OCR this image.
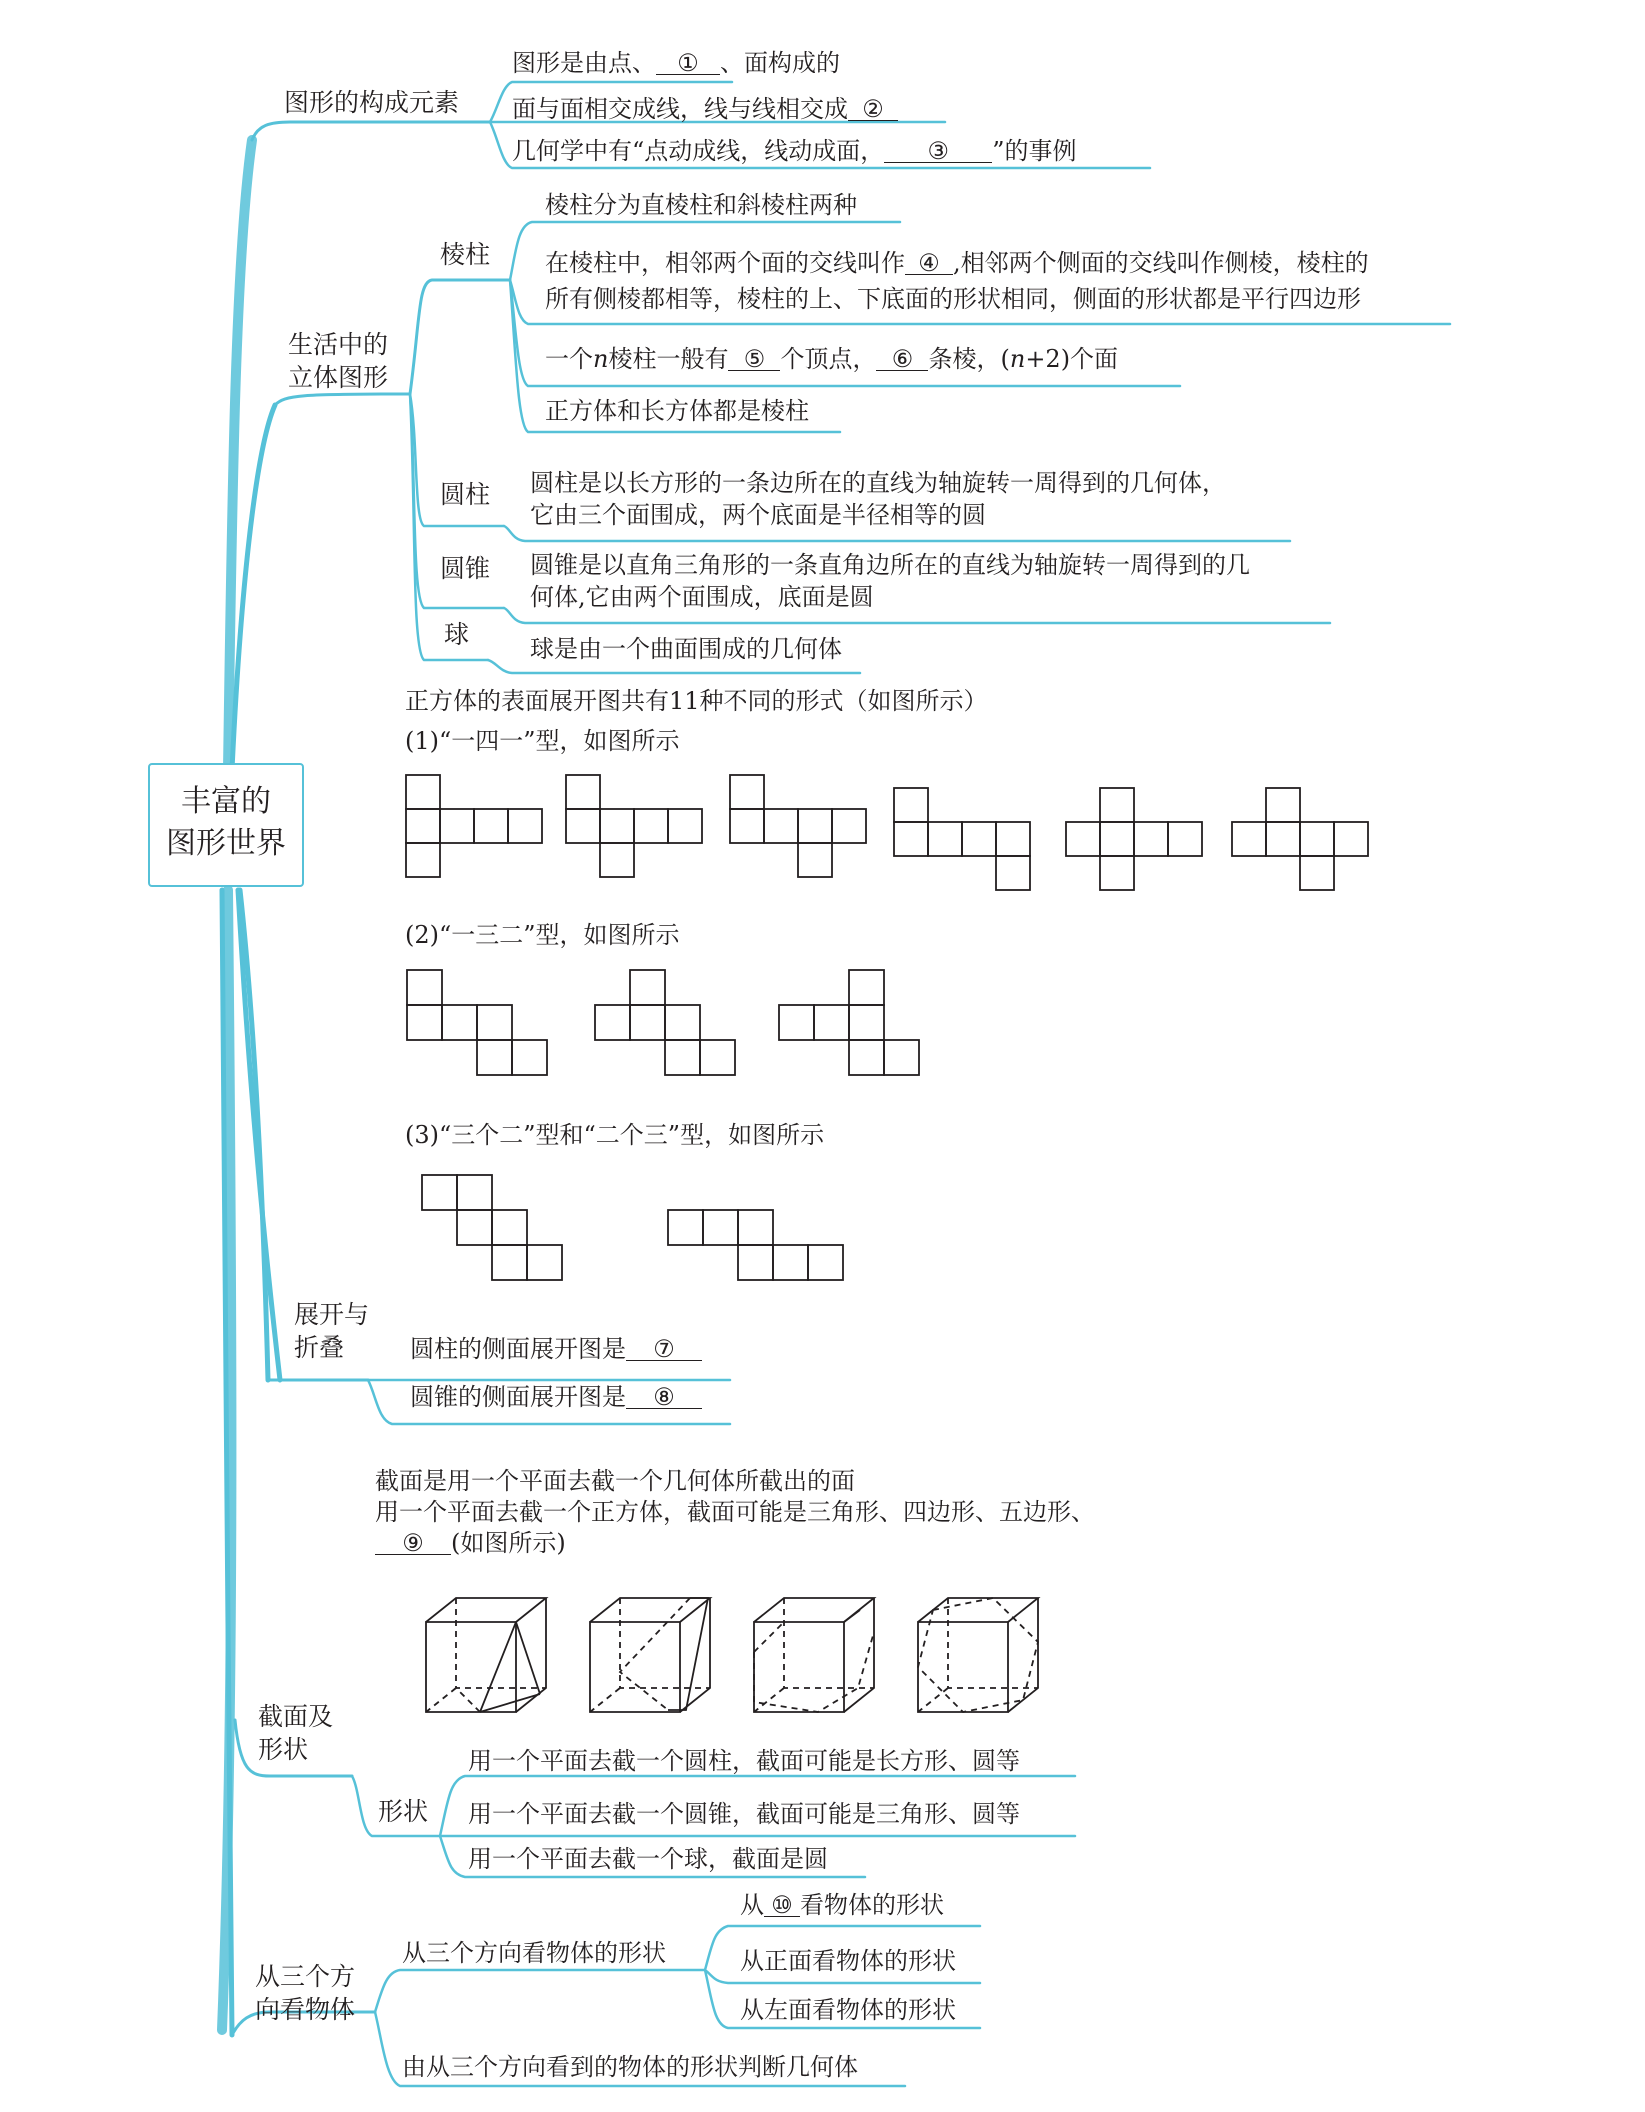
丰富的
图形世界
图形的构成元素
图形是由点、 ① 、面构成的
面与面相交成线，线与线相交成 ②
几何学中有“点动成线，线动成面， ③ ”的事例
生活中的
立体图形
棱柱
棱柱分为直棱柱和斜棱柱两种
在棱柱中，相邻两个面的交线叫作 ④ ,相邻两个侧面的交线叫作侧棱，棱柱的
所有侧棱都相等，棱柱的上、下底面的形状相同，侧面的形状都是平行四边形
一个n棱柱一般有 ⑤ 个顶点， ⑥ 条棱，(n+2)个面
正方体和长方体都是棱柱
圆柱 圆柱是以长方形的一条边所在的直线为轴旋转一周得到的几何体，
它由三个面围成，两个底面是半径相等的圆
圆锥 圆锥是以直角三角形的一条直角边所在的直线为轴旋转一周得到的几
何体,它由两个面围成，底面是圆
球	球是由一个曲面围成的几何体
正方体的表面展开图共有11种不同的形式（如图所示）
(1)“一四一”型，如图所示
(2)“一三二”型，如图所示
(3)“三个二”型和“二个三”型，如图所示
展开与
折叠	圆柱的侧面展开图是 ⑦
圆锥的侧面展开图是 ⑧
截面是用一个平面去截一个几何体所截出的面
用一个平面去截一个正方体，截面可能是三角形、四边形、五边形、
⑨ (如图所示)
截面及
形状
形状
用一个平面去截一个圆柱，截面可能是长方形、圆等
用一个平面去截一个圆锥，截面可能是三角形、圆等
用一个平面去截一个球，截面是圆
从三个方
向看物体
从三个方向看物体的形状
从 ⑩ 看物体的形状
从正面看物体的形状
从左面看物体的形状
由从三个方向看到的物体的形状判断几何体
